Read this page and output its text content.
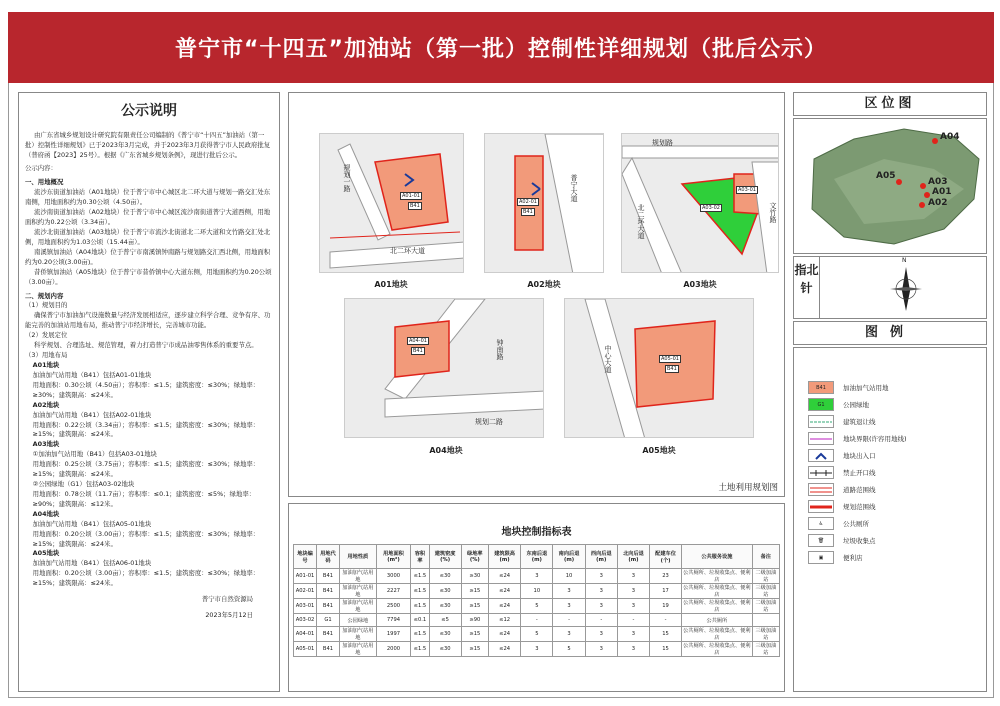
普宁市“十四五”加油站（第一批）控制性详细规划（批后公示）
公示说明

由广东省城乡规划设计研究院有限责任公司编制的《普宁市“十四五”加油站（第一批）控制性详细规划》已于2023年3月完成，并于2023年3月获得普宁市人民政府批复（普府函【2023】25号）。根据《广东省城乡规划条例》，现进行批后公示。

公示内容：

一、用地概况

流沙东街道加油站（A01地块）位于普宁市中心城区北二环大道与规划一路交汇处东南侧，用地面积约为0.30公顷（4.50亩）。

流沙南街道加油站（A02地块）位于普宁市中心城区流沙南街道普宁大道西侧，用地面积约为0.22公顷（3.34亩）。

流沙北街道加油站（A03地块）位于普宁市流沙北街道北二环大道和文竹路交汇处北侧，用地面积约为1.03公顷（15.44亩）。

南溪镇加油站（A04地块）位于普宁市南溪镇钟南路与规划路交汇西北侧，用地面积约为0.20公顷(3.00亩)。

昔侨镇加油站（A05地块）位于普宁市昔侨镇中心大道东侧，用地面积约为0.20公顷（3.00亩）。

二、规划内容

（1）规划目的

确保普宁市加油加气设施数量与经济发展相适应，逐步建立科学合理、竞争有序、功能完善的加油站用地布局，推动普宁市经济增长，完善城市功能。

（2）发展定位

科学规划、合理选址、规范管理，着力打造普宁市成品油零售体系的重要节点。

（3）用地布局

A01地块

加油加气站用地（B41）包括A01-01地块

用地面积：0.30公顷（4.50亩）；容积率：≤1.5；建筑密度：≤30%；绿地率：≥30%；建筑限高：≤24米。

A02地块

加油加气站用地（B41）包括A02-01地块

用地面积：0.22公顷（3.34亩）；容积率：≤1.5；建筑密度：≤30%；绿地率：≥15%；建筑限高：≤24米。

A03地块

①加油加气站用地（B41）包括A03-01地块

用地面积：0.25公顷（3.75亩）；容积率：≤1.5；建筑密度：≤30%；绿地率：≥15%；建筑限高：≤24米。

②公园绿地（G1）包括A03-02地块

用地面积：0.78公顷（11.7亩）；容积率：≤0.1；建筑密度：≤5%；绿地率：≥90%；建筑限高：≤12米。

A04地块

加油加气站用地（B41）包括A05-01地块

用地面积：0.20公顷（3.00亩）；容积率：≤1.5；建筑密度：≤30%；绿地率：≥15%；建筑限高：≤24米。

A05地块

加油加气站用地（B41）包括A06-01地块

用地面积：0.20公顷（3.00亩）；容积率：≤1.5；建筑密度：≤30%；绿地率：≥15%；建筑限高：≤24米。

普宁市自然资源局

2023年5月12日

A01-01
B41
规划一路
北二环大道
A02-01
B41
普宁大道	A03-01
A03-02
规划路
北二环大道	文竹路
A04-01
B41	钟南路
规划二路
A05-01
B41
中心大道
A01地块	A02地块	A03地块
A04地块	A05地块
土地利用规划图
地块控制指标表
地块编号	用地代码	用地性质	用地面积(m²)	容积率	建筑密度(%)	绿地率(%)	建筑限高(m)	东南后退(m)	南向后退(m)	西向后退(m)	北向后退(m)	配建车位(个)	公共服务设施	备注
A01-01	B41	加油加气站用地	3000	≤1.5	≤30	≥30	≤24	3	10	3	3	23	公共厕所、垃圾收集点、便利店	二级加油站
A02-01	B41	加油加气站用地	2227	≤1.5	≤30	≥15	≤24	10	3	3	3	17	公共厕所、垃圾收集点、便利店	三级加油站
A03-01	B41	加油加气站用地	2500	≤1.5	≤30	≥15	≤24	5	3	3	3	19	公共厕所、垃圾收集点、便利店	二级加油站
A03-02	G1	公园绿地	7794	≤0.1	≤5	≥90	≤12	-	-	-	-	-	公共厕所	
A04-01	B41	加油加气站用地	1997	≤1.5	≤30	≥15	≤24	5	3	3	3	15	公共厕所、垃圾收集点、便利店	三级加油站
A05-01	B41	加油加气站用地	2000	≤1.5	≤30	≥15	≤24	3	5	3	3	15	公共厕所、垃圾收集点、便利店	三级加油站
区位图
A04
A05
A03
A01
A02
指北针
N
图例
B41	加油加气站用地
G1	公园绿地
建筑退让线
地块界限(许容用地线)
地块出入口
禁止开口线
道路范围线
规划范围线
♿	公共厕所
🗑	垃圾收集点
▣	便利店
